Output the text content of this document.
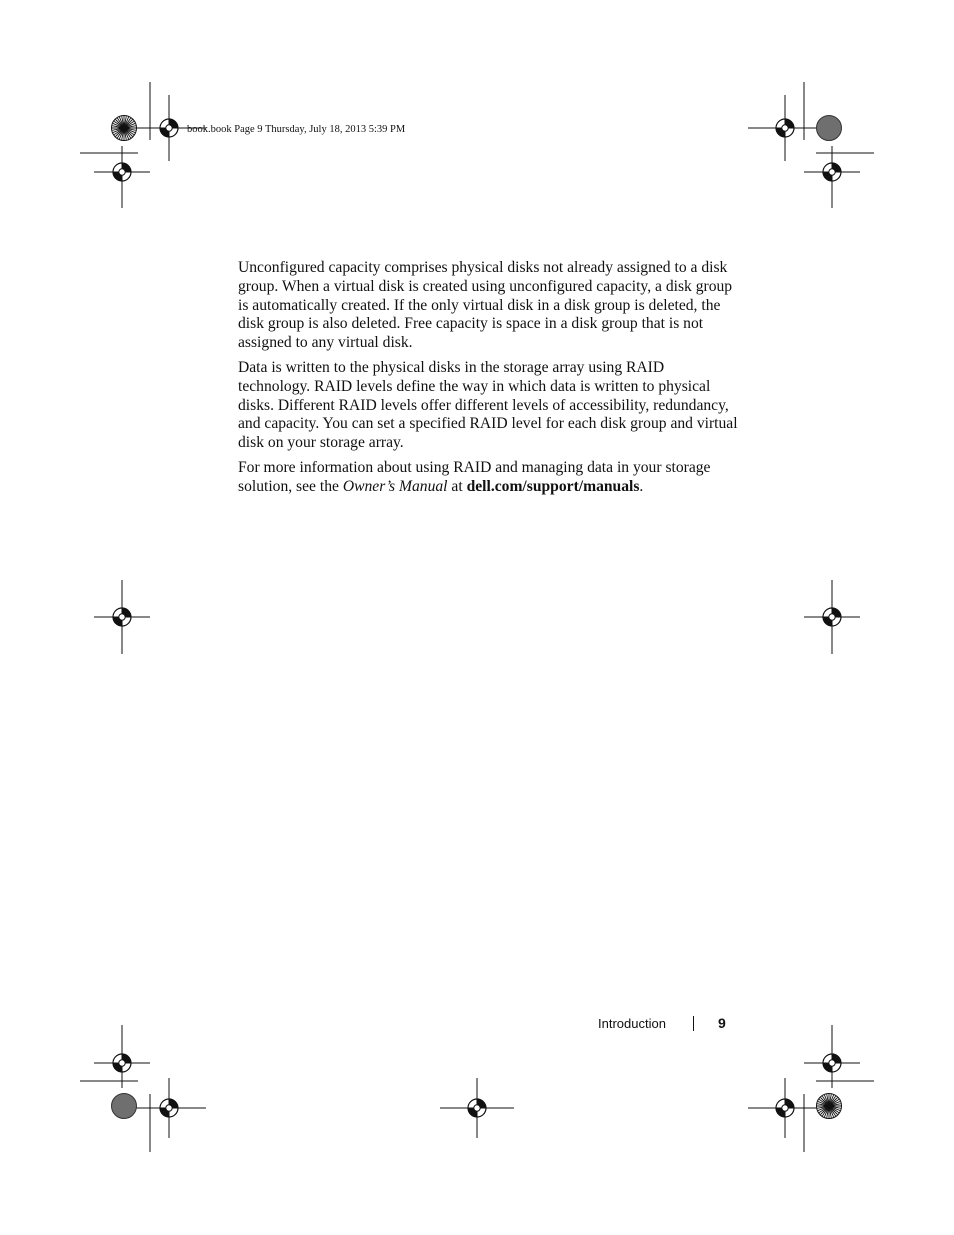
book.book Page 9 Thursday, July 18, 2013 5:39 PM

Unconfigured capacity comprises physical disks not already assigned to a disk group. When a virtual disk is created using unconfigured capacity, a disk group is automatically created. If the only virtual disk in a disk group is deleted, the disk group is also deleted. Free capacity is space in a disk group that is not assigned to any virtual disk.

Data is written to the physical disks in the storage array using RAID technology. RAID levels define the way in which data is written to physical disks. Different RAID levels offer different levels of accessibility, redundancy, and capacity. You can set a specified RAID level for each disk group and virtual disk on your storage array.

For more information about using RAID and managing data in your storage solution, see the Owner’s Manual at dell.com/support/manuals.

Introduction	9
